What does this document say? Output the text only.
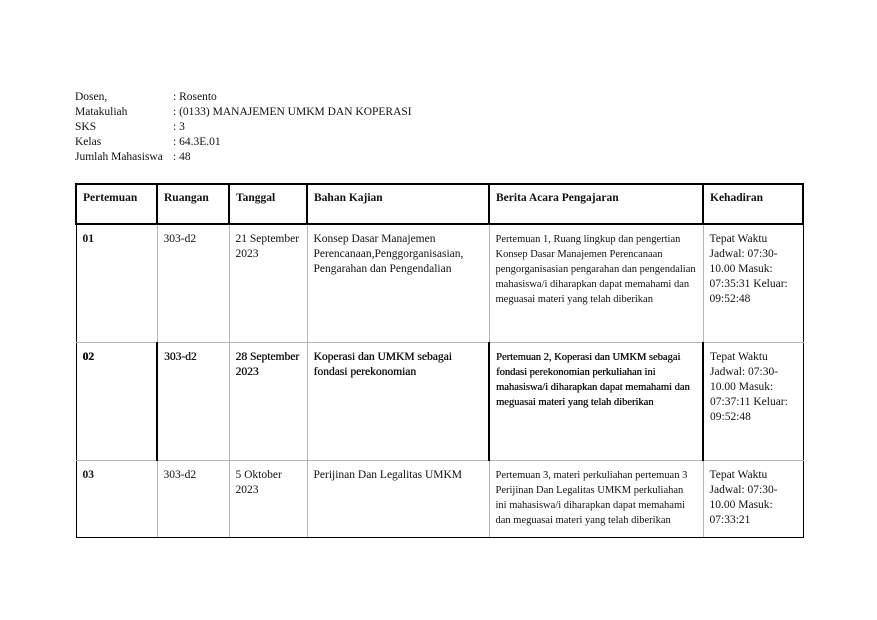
Dosen,	: Rosento
Matakuliah	: (0133) MANAJEMEN UMKM DAN KOPERASI
SKS	: 3
Kelas	: 64.3E.01
Jumlah Mahasiswa : 48
Pertemuan	Ruangan	Tanggal	Bahan Kajian	Berita Acara Pengajaran	Kehadiran
01	303-d2	21 September 2023	Konsep Dasar Manajemen Perencanaan,Penggorganisasian, Pengarahan dan Pengendalian	Pertemuan 1, Ruang lingkup dan pengertian Konsep Dasar Manajemen Perencanaan pengorganisasian pengarahan dan pengendalian mahasiswa/i diharapkan dapat memahami dan meguasai materi yang telah diberikan	Tepat Waktu Jadwal: 07:30-10.00 Masuk: 07:35:31 Keluar: 09:52:48
02	303-d2	28 September 2023	Koperasi dan UMKM sebagai fondasi perekonomian	Pertemuan 2, Koperasi dan UMKM sebagai fondasi perekonomian perkuliahan ini mahasiswa/i diharapkan dapat memahami dan meguasai materi yang telah diberikan	Tepat Waktu Jadwal: 07:30-10.00 Masuk: 07:37:11 Keluar: 09:52:48
03	303-d2	5 Oktober 2023	Perijinan Dan Legalitas UMKM	Pertemuan 3, materi perkuliahan pertemuan 3 Perijinan Dan Legalitas UMKM perkuliahan ini mahasiswa/i diharapkan dapat memahami dan meguasai materi yang telah diberikan	Tepat Waktu Jadwal: 07:30-10.00 Masuk: 07:33:21
